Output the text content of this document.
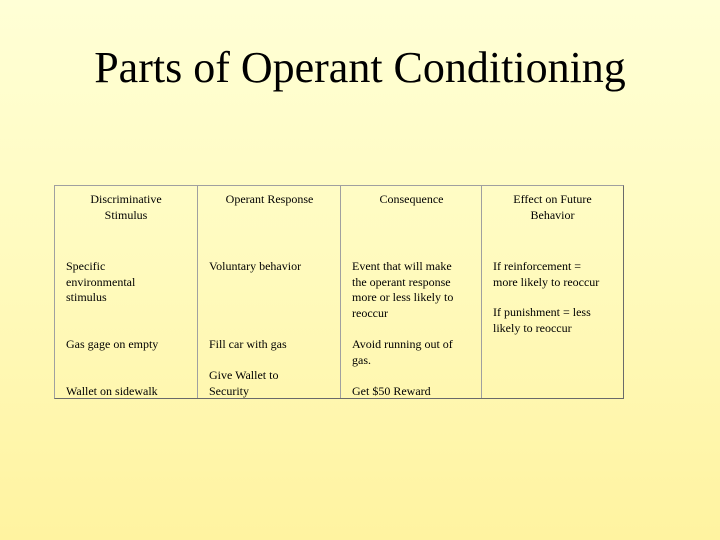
Parts of Operant Conditioning
Discriminative
Stimulus
Specific
environmental
stimulus
Gas gage on empty
Wallet on sidewalk
Operant Response
Voluntary behavior
Fill car with gas
Give Wallet to
Security
Consequence
Event that will make
the operant response
more or less likely to
reoccur
Avoid running out of
gas.
Get $50 Reward
Effect on Future
Behavior
If reinforcement =
more likely to reoccur
If punishment = less
likely to reoccur
